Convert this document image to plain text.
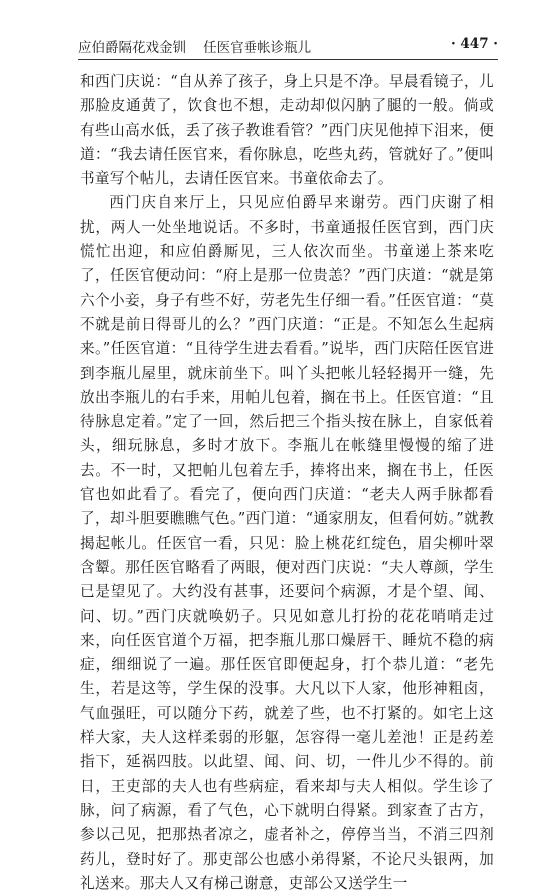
应伯爵隔花戏金钏    任医官垂帐诊瓶儿	· 447 ·

和西门庆说：“自从养了孩子，身上只是不净。早晨看镜子，儿那脸皮通黄了，饮食也不想，走动却似闪肭了腿的一般。倘或有些山高水低，丢了孩子教谁看管？”西门庆见他掉下泪来，便道：“我去请任医官来，看你脉息，吃些丸药，管就好了。”便叫书童写个帖儿，去请任医官来。书童依命去了。

西门庆自来厅上，只见应伯爵早来谢劳。西门庆谢了相扰，两人一处坐地说话。不多时，书童通报任医官到，西门庆慌忙出迎，和应伯爵厮见，三人依次而坐。书童递上茶来吃了，任医官便动问：“府上是那一位贵恙？”西门庆道：“就是第六个小妾，身子有些不好，劳老先生仔细一看。”任医官道：“莫不就是前日得哥儿的么？”西门庆道：“正是。不知怎么生起病来。”任医官道：“且待学生进去看看。”说毕，西门庆陪任医官进到李瓶儿屋里，就床前坐下。叫丫头把帐儿轻轻揭开一缝，先放出李瓶儿的右手来，用帕儿包着，搁在书上。任医官道：“且待脉息定着。”定了一回，然后把三个指头按在脉上，自家低着头，细玩脉息，多时才放下。李瓶儿在帐缝里慢慢的缩了进去。不一时，又把帕儿包着左手，捧将出来，搁在书上，任医官也如此看了。看完了，便向西门庆道：“老夫人两手脉都看了，却斗胆要瞧瞧气色。”西门道：“通家朋友，但看何妨。”就教揭起帐儿。任医官一看，只见：脸上桃花红绽色，眉尖柳叶翠含颦。那任医官略看了两眼，便对西门庆说：“夫人尊颜，学生已是望见了。大约没有甚事，还要问个病源，才是个望、闻、问、切。”西门庆就唤奶子。只见如意儿打扮的花花哨哨走过来，向任医官道个万福，把李瓶儿那口燥唇干、睡炕不稳的病症，细细说了一遍。那任医官即便起身，打个恭儿道：“老先生，若是这等，学生保的没事。大凡以下人家，他形神粗卤，气血强旺，可以随分下药，就差了些，也不打紧的。如宅上这样大家，夫人这样柔弱的形躯，怎容得一毫儿差池！正是药差指下，延祸四肢。以此望、闻、问、切，一件儿少不得的。前日，王吏部的夫人也有些病症，看来却与夫人相似。学生诊了脉，问了病源，看了气色，心下就明白得紧。到家查了古方，参以己见，把那热者凉之，虚者补之，停停当当，不消三四剂药儿，登时好了。那吏部公也感小弟得紧，不论尺头银两，加礼送来。那夫人又有梯己谢意，吏部公又送学生一
